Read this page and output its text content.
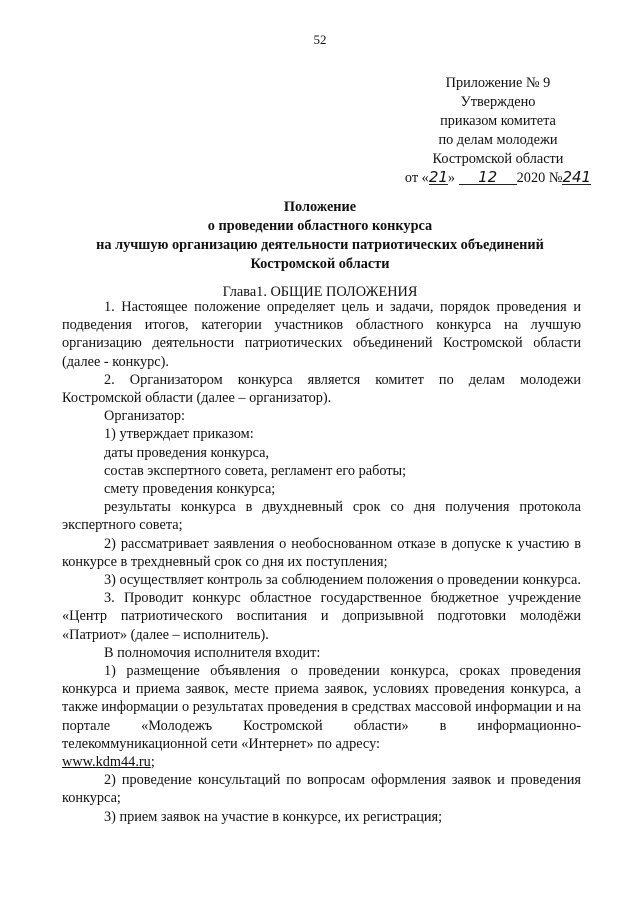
52
Приложение № 9
Утверждено
приказом комитета
по делам молодежи
Костромской области
от «21» 12 2020 №241
Положение
о проведении областного конкурса
на лучшую организацию деятельности патриотических объединений
Костромской области
Глава1. ОБЩИЕ ПОЛОЖЕНИЯ

1. Настоящее положение определяет цель и задачи, порядок проведения и подведения итогов, категории участников областного конкурса на лучшую организацию деятельности патриотических объединений Костромской области (далее - конкурс).

2. Организатором конкурса является комитет по делам молодежи Костромской области (далее – организатор).

Организатор:

1) утверждает приказом:

даты проведения конкурса,

состав экспертного совета, регламент его работы;

смету проведения конкурса;

результаты конкурса в двухдневный срок со дня получения протокола экспертного совета;

2) рассматривает заявления о необоснованном отказе в допуске к участию в конкурсе в трехдневный срок со дня их поступления;

3) осуществляет контроль за соблюдением положения о проведении конкурса.

3. Проводит конкурс областное государственное бюджетное учреждение «Центр патриотического воспитания и допризывной подготовки молодёжи «Патриот» (далее – исполнитель).

В полномочия исполнителя входит:

1) размещение объявления о проведении конкурса, сроках проведения конкурса и приема заявок, месте приема заявок, условиях проведения конкурса, а также информации о результатах проведения в средствах массовой информации и на портале «Молодежъ Костромской области» в информационно-телекоммуникационной сети «Интернет» по адресу:

www.kdm44.ru;

2) проведение консультаций по вопросам оформления заявок и проведения конкурса;

3) прием заявок на участие в конкурсе, их регистрация;
